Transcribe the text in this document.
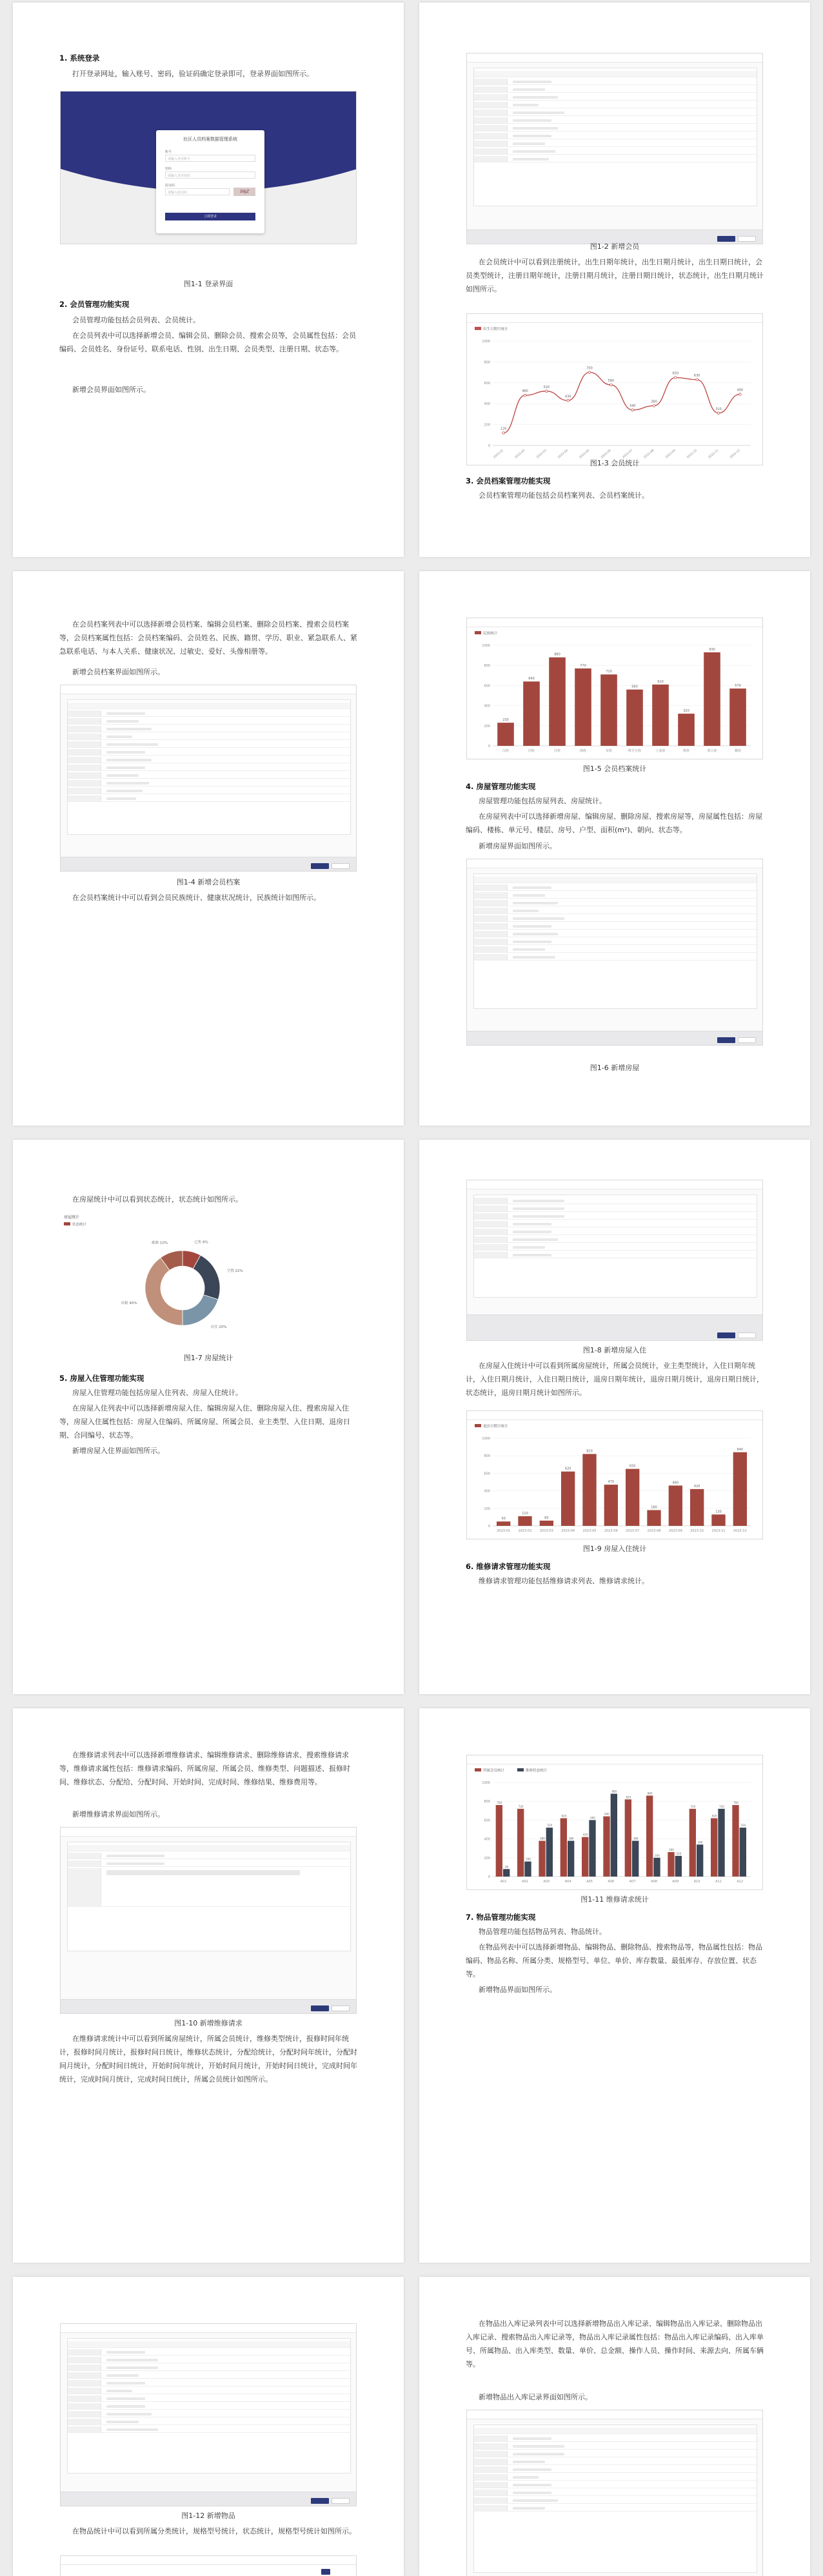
1. 系统登录
打开登录网址，输入账号、密码，验证码确定登录即可，登录界面如图所示。
社区人员档案数据管理系统
账号
请输入登录账号
密码
请输入登录密码
验证码
请输入验证码	5NJZ
立即登录
图1-1 登录界面
2. 会员管理功能实现
会员管理功能包括会员列表、会员统计。
在会员列表中可以选择新增会员、编辑会员、删除会员、搜索会员等，会员属性包括：会员编码、会员姓名、身份证号、联系电话、性别、出生日期、会员类型、注册日期、状态等。
新增会员界面如图所示。
图1-2 新增会员
在会员统计中可以看到注册统计，出生日期年统计，出生日期月统计，出生日期日统计，会员类型统计，注册日期年统计，注册日期月统计，注册日期日统计，状态统计，出生日期月统计如图所示。
出生日期月统计
0
200
400
600
800
1000
120
2023-01
480
2023-02
520
2023-03
430
2023-04
700
2023-05
580
2023-06
340
2023-07
380
2023-08
650
2023-09
630
2023-10
310
2023-11
490
2023-12
图1-3 会员统计
3. 会员档案管理功能实现
会员档案管理功能包括会员档案列表、会员档案统计。
在会员档案列表中可以选择新增会员档案、编辑会员档案、删除会员档案、搜索会员档案等，会员档案属性包括：会员档案编码、会员姓名、民族、籍贯、学历、职业、紧急联系人、紧急联系电话、与本人关系、健康状况、过敏史、爱好、头像相册等。
新增会员档案界面如图所示。
图1-4 新增会员档案
在会员档案统计中可以看到会员民族统计、健康状况统计，民族统计如图所示。
民族统计
0
200
400
600
800
1000
230
汉族
640
回族
880
壮族
770
满族
710
苗族
560
维吾尔族
610
土家族
320
彝族
930
蒙古族
570
藏族
图1-5 会员档案统计
4. 房屋管理功能实现
房屋管理功能包括房屋列表、房屋统计。
在房屋列表中可以选择新增房屋、编辑房屋、删除房屋、搜索房屋等，房屋属性包括：房屋编码、楼栋、单元号、楼层、房号、户型、面积(m²)、朝向、状态等。
新增房屋界面如图所示。
图1-6 新增房屋
在房屋统计中可以看到状态统计，状态统计如图所示。
房屋统计
状态统计
已售 8%
空置 22%
自住 20%
出租 40%
维修 10%
图1-7 房屋统计
5. 房屋入住管理功能实现
房屋入住管理功能包括房屋入住列表、房屋入住统计。
在房屋入住列表中可以选择新增房屋入住、编辑房屋入住、删除房屋入住、搜索房屋入住等，房屋入住属性包括：房屋入住编码、所属房屋、所属会员、业主类型、入住日期、退房日期、合同编号、状态等。
新增房屋入住界面如图所示。
图1-8 新增房屋入住
在房屋入住统计中可以看到所属房屋统计，所属会员统计，业主类型统计，入住日期年统计，入住日期月统计，入住日期日统计，退房日期年统计，退房日期月统计，退房日期日统计，状态统计，退房日期月统计如图所示。
退房日期月统计
0
200
400
600
800
1000
50
2023-01
110
2023-02
60
2023-03
620
2023-04
820
2023-05
470
2023-06
650
2023-07
180
2023-08
460
2023-09
420
2023-10
130
2023-11
840
2023-12
图1-9 房屋入住统计
6. 维修请求管理功能实现
维修请求管理功能包括维修请求列表、维修请求统计。
在维修请求列表中可以选择新增维修请求、编辑维修请求、删除维修请求、搜索维修请求等，维修请求属性包括：维修请求编码、所属房屋、所属会员、维修类型、问题描述、报修时间、维修状态、分配给、分配时间、开始时间、完成时间、维修结果、维修费用等。
新增维修请求界面如图所示。
图1-10 新增维修请求
在维修请求统计中可以看到所属房屋统计，所属会员统计，维修类型统计，报修时间年统计，报修时间月统计，报修时间日统计，维修状态统计，分配给统计，分配时间年统计，分配时间月统计，分配时间日统计，开始时间年统计，开始时间月统计，开始时间日统计，完成时间年统计，完成时间月统计，完成时间日统计，所属会员统计如图所示。
所属会员统计	维修状态统计
0
200
400
600
800
1000
760
80
A01
720
160
A02
380
520
A03
620
380
A04
420
600
A05
640
880
A06
820
380
A07
860
200
A08
260
220
A09
720
340
A10
620
720
A11
760
520
A12
图1-11 维修请求统计
7. 物品管理功能实现
物品管理功能包括物品列表、物品统计。
在物品列表中可以选择新增物品、编辑物品、删除物品、搜索物品等，物品属性包括：物品编码、物品名称、所属分类、规格型号、单位、单价、库存数量、最低库存、存放位置、状态等。
新增物品界面如图所示。
图1-12 新增物品
在物品统计中可以看到所属分类统计，规格型号统计，状态统计，规格型号统计如图所示。
在物品出入库记录列表中可以选择新增物品出入库记录、编辑物品出入库记录、删除物品出入库记录、搜索物品出入库记录等，物品出入库记录属性包括：物品出入库记录编码、出入库单号、所属物品、出入库类型、数量、单价、总金额、操作人员、操作时间、来源去向、所属车辆等。
新增物品出入库记录界面如图所示。
